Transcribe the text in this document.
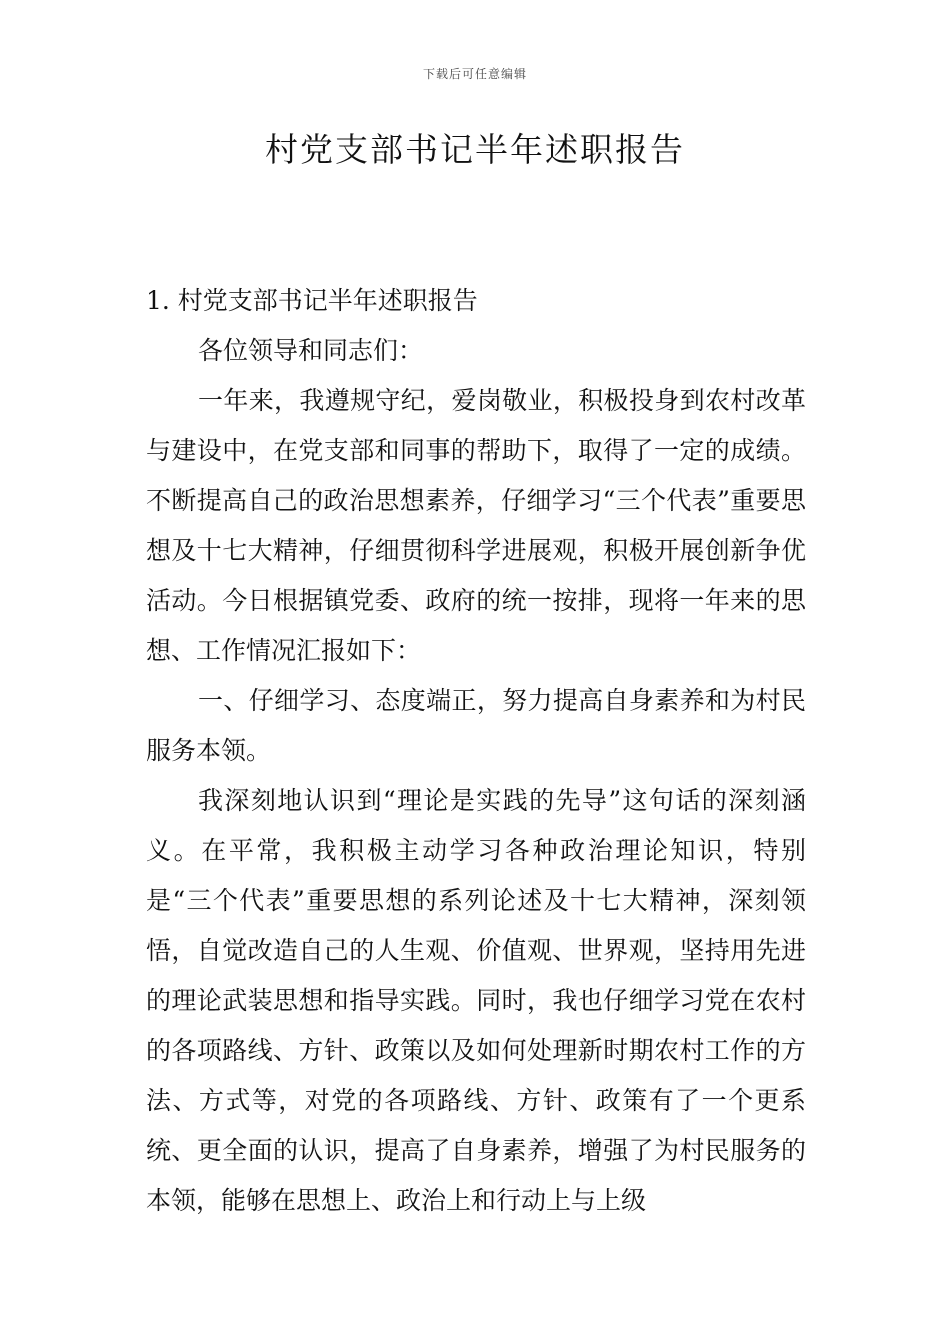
下载后可任意编辑
村党支部书记半年述职报告

1. 村党支部书记半年述职报告

各位领导和同志们：

一年来，我遵规守纪，爱岗敬业，积极投身到农村改革与建设中，在党支部和同事的帮助下，取得了一定的成绩。不断提高自己的政治思想素养，仔细学习“三个代表”重要思想及十七大精神，仔细贯彻科学进展观，积极开展创新争优活动。今日根据镇党委、政府的统一按排，现将一年来的思想、工作情况汇报如下：

一、仔细学习、态度端正，努力提高自身素养和为村民服务本领。

我深刻地认识到“理论是实践的先导”这句话的深刻涵义。在平常，我积极主动学习各种政治理论知识，特别是“三个代表”重要思想的系列论述及十七大精神，深刻领悟，自觉改造自己的人生观、价值观、世界观，坚持用先进的理论武装思想和指导实践。同时，我也仔细学习党在农村的各项路线、方针、政策以及如何处理新时期农村工作的方法、方式等，对党的各项路线、方针、政策有了一个更系统、更全面的认识，提高了自身素养，增强了为村民服务的本领，能够在思想上、政治上和行动上与上级
